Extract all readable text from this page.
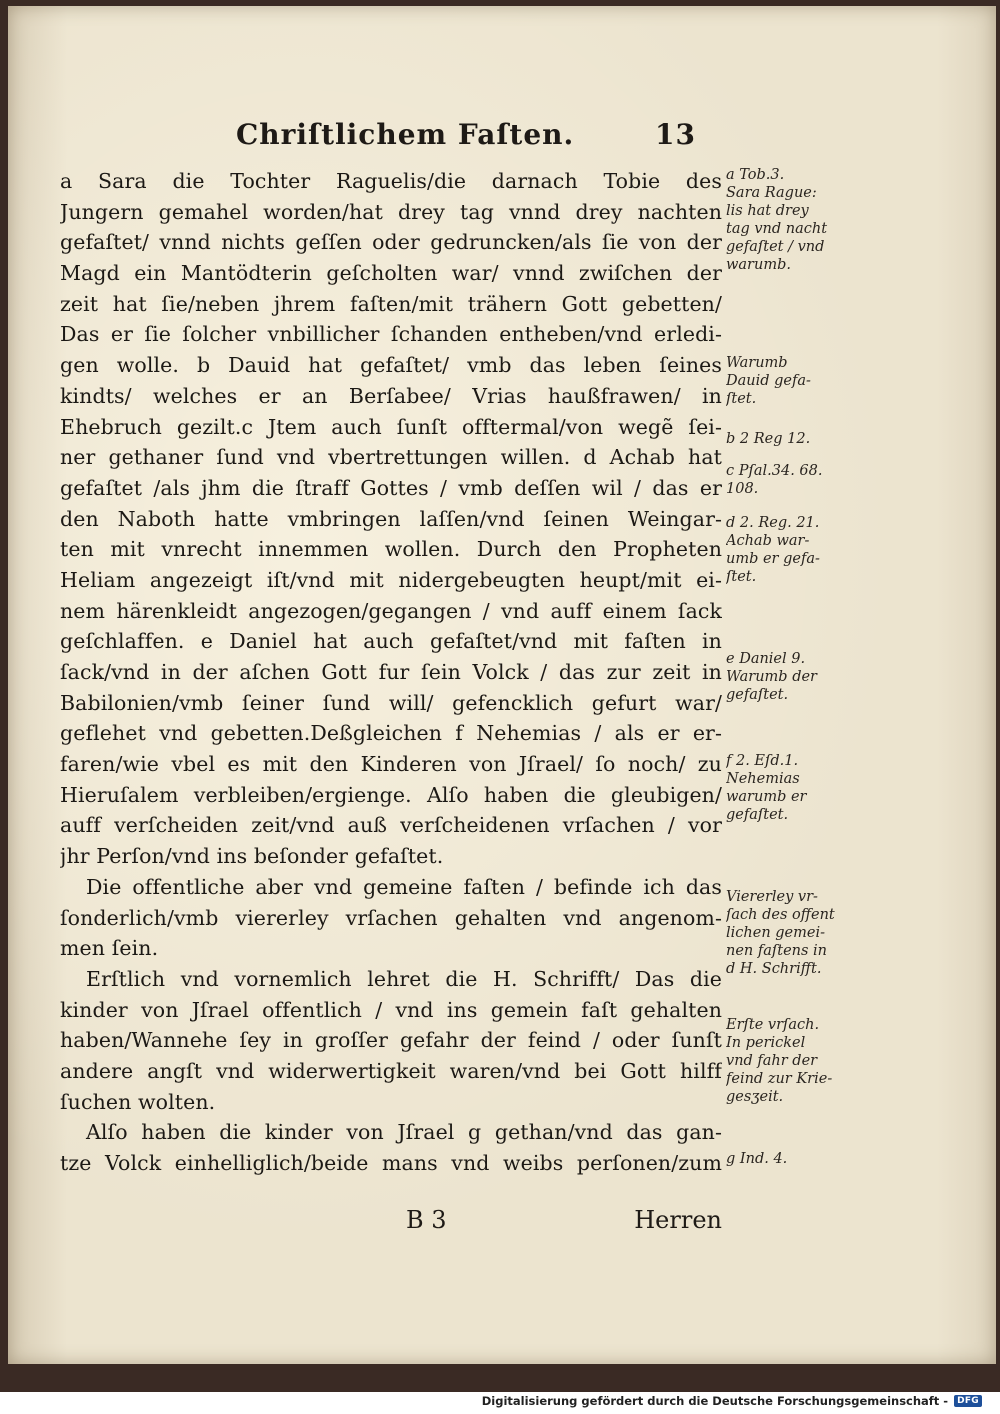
Chriſtlichem Faſten.	13
a Sara die Tochter Raguelis/die darnach Tobie des
Jungern gemahel worden/hat drey tag vnnd drey nachten
gefaſtet/ vnnd nichts geſſen oder gedruncken/als ſie von der
Magd ein Mantödterin geſcholten war/ vnnd zwiſchen der
zeit hat ſie/neben jhrem faſten/mit trähern Gott gebetten/
Das er ſie ſolcher vnbillicher ſchanden entheben/vnd erledi-
gen wolle. b Dauid hat gefaſtet/ vmb das leben ſeines
kindts/ welches er an Berſabee/ Vrias haußfrawen/ in
Ehebruch gezilt.c Jtem auch ſunſt offtermal/von wegẽ ſei-
ner gethaner ſund vnd vbertrettungen willen. d Achab hat
gefaſtet /als jhm die ſtraff Gottes / vmb deſſen wil / das er
den Naboth hatte vmbringen laſſen/vnd ſeinen Weingar-
ten mit vnrecht innemmen wollen. Durch den Propheten
Heliam angezeigt iſt/vnd mit nidergebeugten heupt/mit ei-
nem härenkleidt angezogen/gegangen / vnd auff einem ſack
geſchlaffen. e Daniel hat auch gefaſtet/vnd mit faſten in
ſack/vnd in der aſchen Gott fur ſein Volck / das zur zeit in
Babilonien/vmb ſeiner ſund will/ gefencklich gefurt war/
geflehet vnd gebetten.Deßgleichen f Nehemias / als er er-
faren/wie vbel es mit den Kinderen von Jſrael/ ſo noch/ zu
Hieruſalem verbleiben/ergienge. Alſo haben die gleubigen/
auff verſcheiden zeit/vnd auß verſcheidenen vrſachen / vor
jhr Perſon/vnd ins beſonder gefaſtet.
Die offentliche aber vnd gemeine faſten / befinde ich das
ſonderlich/vmb viererley vrſachen gehalten vnd angenom-
men ſein.
Erſtlich vnd vornemlich lehret die H. Schrifft/ Das die
kinder von Jſrael offentlich / vnd ins gemein faſt gehalten
haben/Wannehe ſey in groſſer gefahr der feind / oder ſunſt
andere angſt vnd widerwertigkeit waren/vnd bei Gott hilff
ſuchen wolten.
Alſo haben die kinder von Jſrael g gethan/vnd das gan-
tze Volck einhelliglich/beide mans vnd weibs perſonen/zum
a Tob.3.
Sara Rague:
lis hat drey
tag vnd nacht
gefaſtet / vnd
warumb.
Warumb
Dauid gefa-
ſtet.
b 2 Reg 12.
c Pſal.34. 68.
108.
d 2. Reg. 21.
Achab war-
umb er gefa-
ſtet.
e Daniel 9.
Warumb der
gefaſtet.
f 2. Eſd.1.
Nehemias
warumb er
gefaſtet.
Viererley vr-
ſach des offent
lichen gemei-
nen faſtens in
d H. Schrifft.
Erſte vrſach.
In perickel
vnd fahr der
feind zur Krie-
gesʒeit.
g Ind. 4.
B 3	Herren
Digitalisierung gefördert durch die Deutsche Forschungsgemeinschaft -	DFG
